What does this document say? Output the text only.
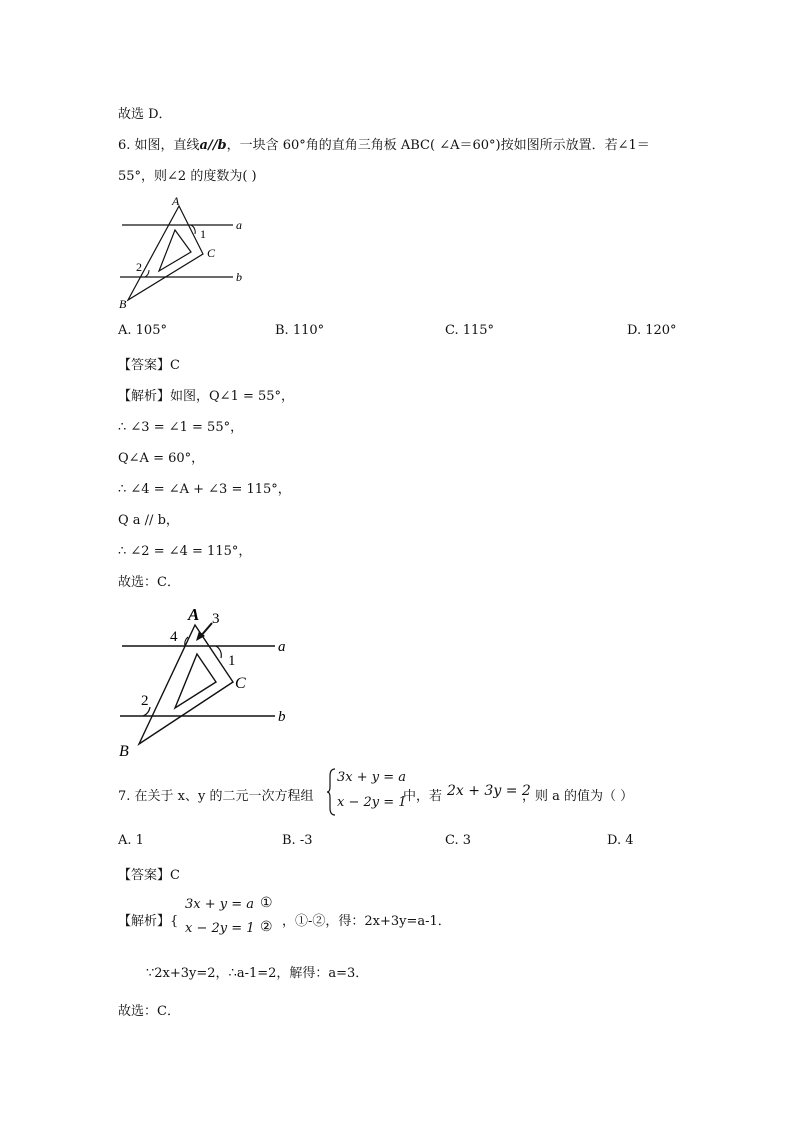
故选 D．
6. 如图，直线a//b，一块含 60°角的直角三角板 ABC( ∠A＝60°)按如图所示放置．若∠1＝
55°，则∠2 的度数为( )
A
1
C
a
2
b
B
A. 105°	B. 110°	C. 115°	D. 120°
【答案】C
【解析】如图，Q∠1 = 55°，
∴ ∠3 = ∠1 = 55°，
Q∠A = 60°，
∴ ∠4 = ∠A + ∠3 = 115°，
Q a // b，
∴ ∠2 = ∠4 = 115°，
故选：C．
A 3
4
1
C
a
2
b
B
7. 在关于 x、y 的二元一次方程组
3x + y = a
x − 2y = 1
中，若 2x + 3y = 2
，则 a 的值为（ ）
A. 1	B. -3	C. 3	D. 4
【答案】C
【解析】{
3x + y = a
x − 2y = 1
①
② ，①-②，得：2x+3y=a-1．
∵2x+3y=2，∴a-1=2，解得：a=3．
故选：C．
